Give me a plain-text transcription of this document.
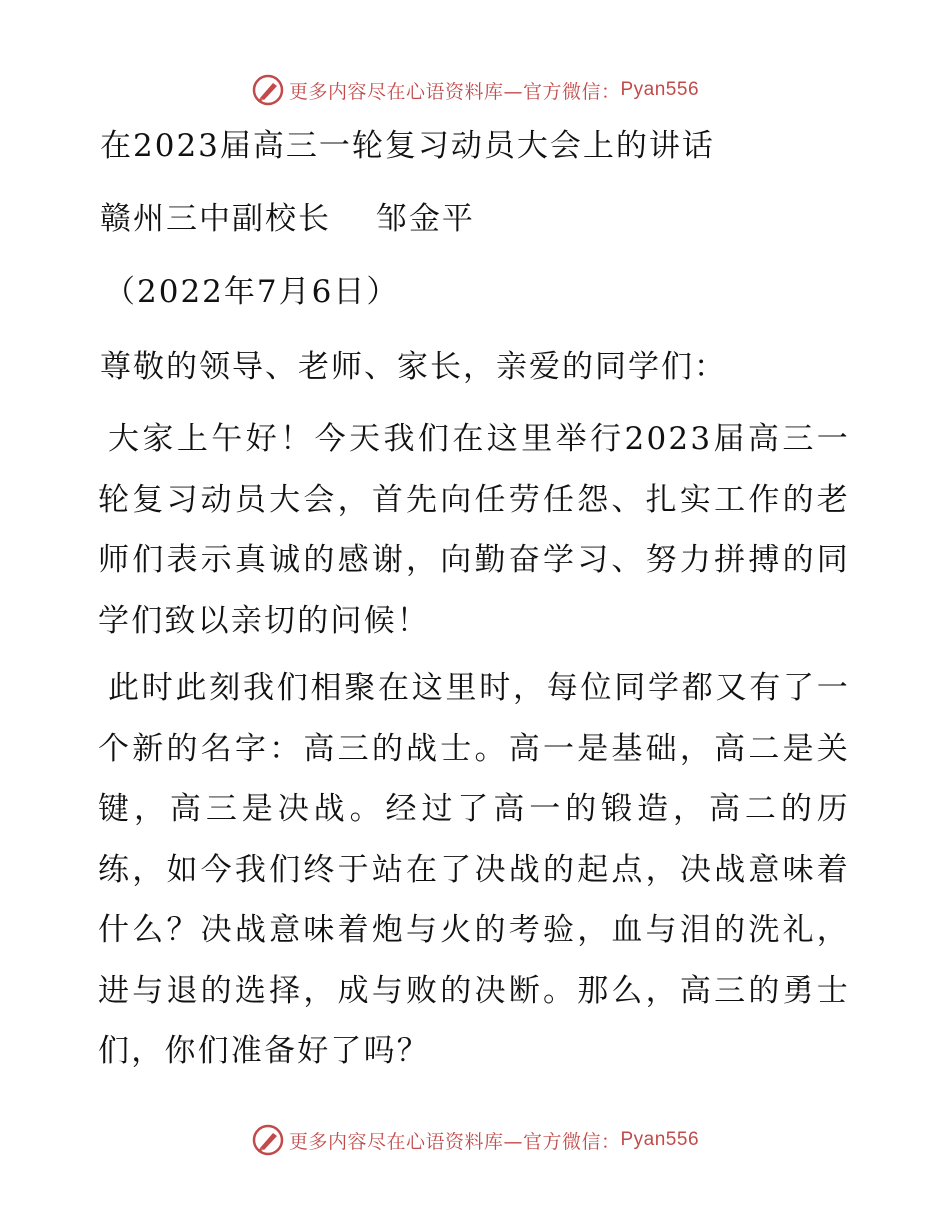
更多内容尽在心语资料库—官方微信： Pyan556
在2023届高三一轮复习动员大会上的讲话
赣州三中副校长　 邹金平
（2022年7月6日）
尊敬的领导、老师、家长，亲爱的同学们：
大家上午好！今天我们在这里举行2023届高三一轮复习动员大会，首先向任劳任怨、扎实工作的老师们表示真诚的感谢，向勤奋学习、努力拼搏的同学们致以亲切的问候！
此时此刻我们相聚在这里时，每位同学都又有了一个新的名字：高三的战士。高一是基础，高二是关键，高三是决战。经过了高一的锻造，高二的历练，如今我们终于站在了决战的起点，决战意味着什么？决战意味着炮与火的考验，血与泪的洗礼，进与退的选择，成与败的决断。那么，高三的勇士们，你们准备好了吗？
更多内容尽在心语资料库—官方微信： Pyan556
